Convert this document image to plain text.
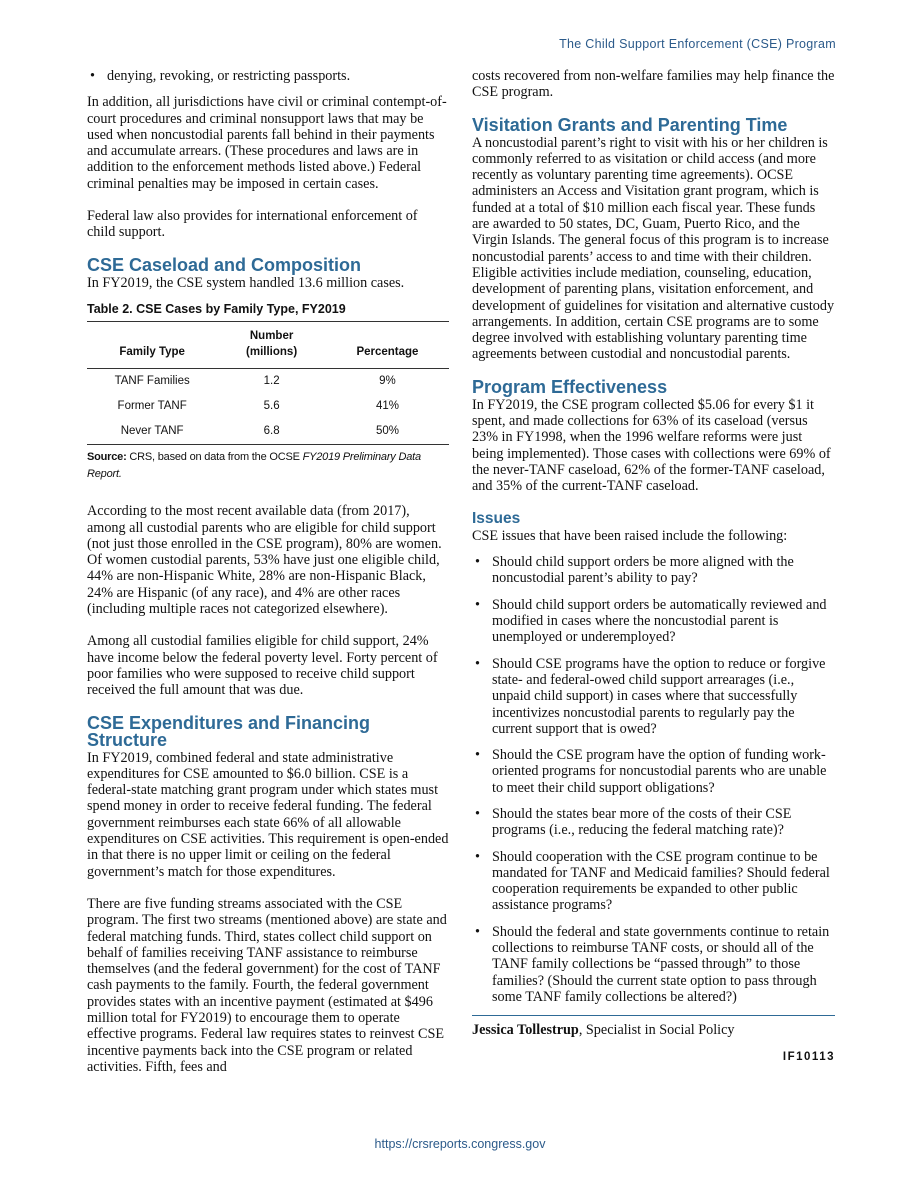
The Child Support Enforcement (CSE) Program
• denying, revoking, or restricting passports.

In addition, all jurisdictions have civil or criminal contempt-of-court procedures and criminal nonsupport laws that may be used when noncustodial parents fall behind in their payments and accumulate arrears. (These procedures and laws are in addition to the enforcement methods listed above.) Federal criminal penalties may be imposed in certain cases.

Federal law also provides for international enforcement of child support.

CSE Caseload and Composition

In FY2019, the CSE system handled 13.6 million cases.

Table 2. CSE Cases by Family Type, FY2019
Family Type	Number (millions)	Percentage
TANF Families	1.2	9%
Former TANF	5.6	41%
Never TANF	6.8	50%
Source: CRS, based on data from the OCSE FY2019 Preliminary Data Report.

According to the most recent available data (from 2017), among all custodial parents who are eligible for child support (not just those enrolled in the CSE program), 80% are women. Of women custodial parents, 53% have just one eligible child, 44% are non-Hispanic White, 28% are non-Hispanic Black, 24% are Hispanic (of any race), and 4% are other races (including multiple races not categorized elsewhere).

Among all custodial families eligible for child support, 24% have income below the federal poverty level. Forty percent of poor families who were supposed to receive child support received the full amount that was due.

CSE Expenditures and Financing Structure

In FY2019, combined federal and state administrative expenditures for CSE amounted to $6.0 billion. CSE is a federal-state matching grant program under which states must spend money in order to receive federal funding. The federal government reimburses each state 66% of all allowable expenditures on CSE activities. This requirement is open-ended in that there is no upper limit or ceiling on the federal government’s match for those expenditures.

There are five funding streams associated with the CSE program. The first two streams (mentioned above) are state and federal matching funds. Third, states collect child support on behalf of families receiving TANF assistance to reimburse themselves (and the federal government) for the cost of TANF cash payments to the family. Fourth, the federal government provides states with an incentive payment (estimated at $496 million total for FY2019) to encourage them to operate effective programs. Federal law requires states to reinvest CSE incentive payments back into the CSE program or related activities. Fifth, fees and

costs recovered from non-welfare families may help finance the CSE program.

Visitation Grants and Parenting Time

A noncustodial parent’s right to visit with his or her children is commonly referred to as visitation or child access (and more recently as voluntary parenting time agreements). OCSE administers an Access and Visitation grant program, which is funded at a total of $10 million each fiscal year. These funds are awarded to 50 states, DC, Guam, Puerto Rico, and the Virgin Islands. The general focus of this program is to increase noncustodial parents’ access to and time with their children. Eligible activities include mediation, counseling, education, development of parenting plans, visitation enforcement, and development of guidelines for visitation and alternative custody arrangements. In addition, certain CSE programs are to some degree involved with establishing voluntary parenting time agreements between custodial and noncustodial parents.

Program Effectiveness

In FY2019, the CSE program collected $5.06 for every $1 it spent, and made collections for 63% of its caseload (versus 23% in FY1998, when the 1996 welfare reforms were just being implemented). Those cases with collections were 69% of the never-TANF caseload, 62% of the former-TANF caseload, and 35% of the current-TANF caseload.

Issues

CSE issues that have been raised include the following:

• Should child support orders be more aligned with the noncustodial parent’s ability to pay?
• Should child support orders be automatically reviewed and modified in cases where the noncustodial parent is unemployed or underemployed?
• Should CSE programs have the option to reduce or forgive state- and federal-owed child support arrearages (i.e., unpaid child support) in cases where that successfully incentivizes noncustodial parents to regularly pay the current support that is owed?
• Should the CSE program have the option of funding work-oriented programs for noncustodial parents who are unable to meet their child support obligations?
• Should the states bear more of the costs of their CSE programs (i.e., reducing the federal matching rate)?
• Should cooperation with the CSE program continue to be mandated for TANF and Medicaid families? Should federal cooperation requirements be expanded to other public assistance programs?
• Should the federal and state governments continue to retain collections to reimburse TANF costs, or should all of the TANF family collections be “passed through” to those families? (Should the current state option to pass through some TANF family collections be altered?)
Jessica Tollestrup, Specialist in Social Policy
IF10113
https://crsreports.congress.gov
